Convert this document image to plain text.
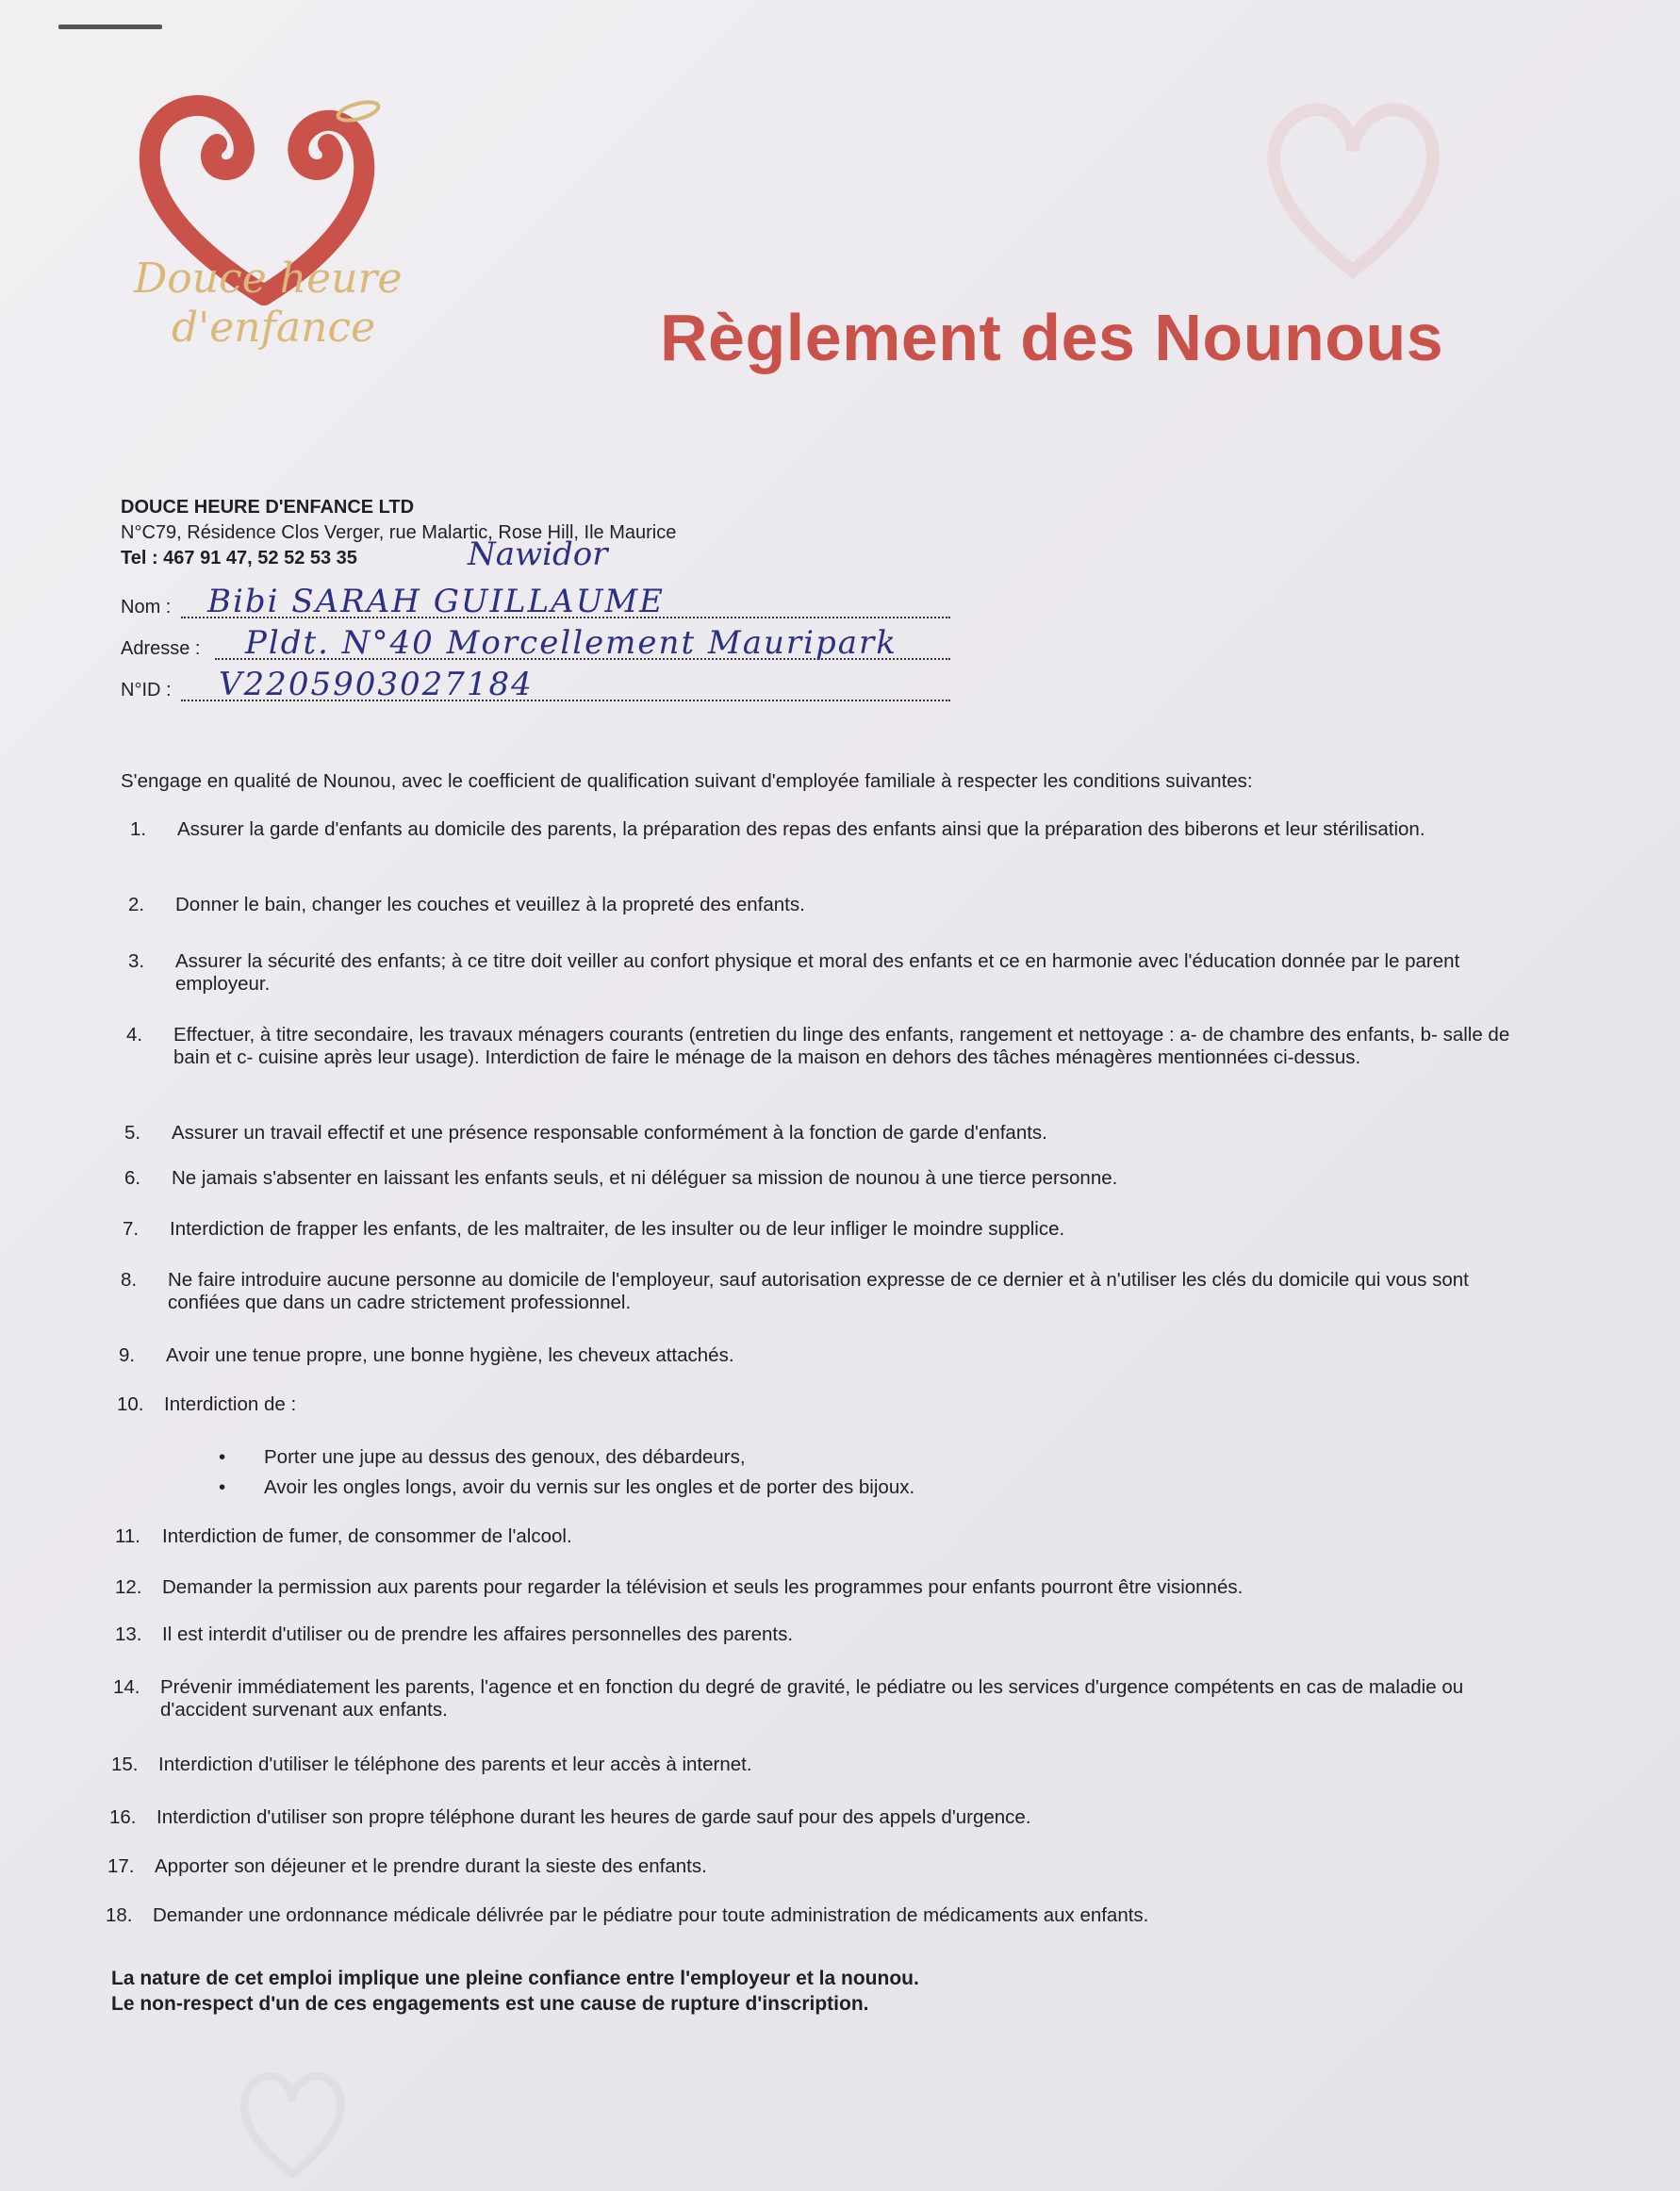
Douce heure
d'enfance	Règlement des Nounous
DOUCE HEURE D'ENFANCE LTD
N°C79, Résidence Clos Verger, rue Malartic, Rose Hill, Ile Maurice
Tel : 467 91 47, 52 52 53 35	Nawidor
Nom : Bibi SARAH GUILLAUME
Adresse : Pldt. N°40 Morcellement Mauripark
N°ID : V2205903027184
S'engage en qualité de Nounou, avec le coefficient de qualification suivant d'employée familiale à respecter les conditions suivantes:
1.	Assurer la garde d'enfants au domicile des parents, la préparation des repas des enfants ainsi que la préparation des biberons et leur stérilisation.
2.	Donner le bain, changer les couches et veuillez à la propreté des enfants.
3.	Assurer la sécurité des enfants; à ce titre doit veiller au confort physique et moral des enfants et ce en harmonie avec l'éducation donnée par le parent employeur.
4.	Effectuer, à titre secondaire, les travaux ménagers courants (entretien du linge des enfants, rangement et nettoyage : a- de chambre des enfants, b- salle de bain et c- cuisine après leur usage). Interdiction de faire le ménage de la maison en dehors des tâches ménagères mentionnées ci-dessus.
5.	Assurer un travail effectif et une présence responsable conformément à la fonction de garde d'enfants.
6.	Ne jamais s'absenter en laissant les enfants seuls, et ni déléguer sa mission de nounou à une tierce personne.
7.	Interdiction de frapper les enfants, de les maltraiter, de les insulter ou de leur infliger le moindre supplice.
8.	Ne faire introduire aucune personne au domicile de l'employeur, sauf autorisation expresse de ce dernier et à n'utiliser les clés du domicile qui vous sont confiées que dans un cadre strictement professionnel.
9.	Avoir une tenue propre, une bonne hygiène, les cheveux attachés.
10.	Interdiction de :
11.	Interdiction de fumer, de consommer de l'alcool.
12.	Demander la permission aux parents pour regarder la télévision et seuls les programmes pour enfants pourront être visionnés.
13.	Il est interdit d'utiliser ou de prendre les affaires personnelles des parents.
14.	Prévenir immédiatement les parents, l'agence et en fonction du degré de gravité, le pédiatre ou les services d'urgence compétents en cas de maladie ou d'accident survenant aux enfants.
15.	Interdiction d'utiliser le téléphone des parents et leur accès à internet.
16.	Interdiction d'utiliser son propre téléphone durant les heures de garde sauf pour des appels d'urgence.
17.	Apporter son déjeuner et le prendre durant la sieste des enfants.
18.	Demander une ordonnance médicale délivrée par le pédiatre pour toute administration de médicaments aux enfants.
• Porter une jupe au dessus des genoux, des débardeurs,
• Avoir les ongles longs, avoir du vernis sur les ongles et de porter des bijoux.
La nature de cet emploi implique une pleine confiance entre l'employeur et la nounou.
Le non-respect d'un de ces engagements est une cause de rupture d'inscription.
